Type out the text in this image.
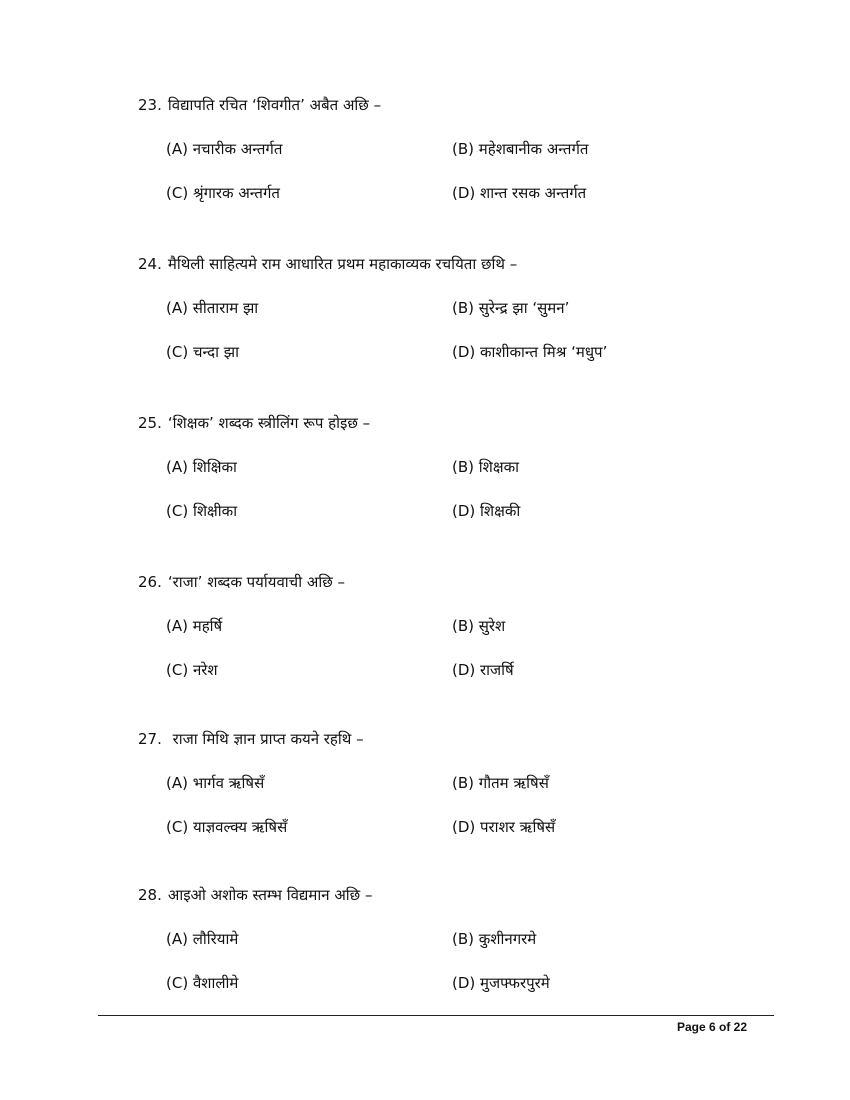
23. विद्यापति रचित ‘शिवगीत’ अबैत अछि –
(A) नचारीक अन्तर्गत	(B) महेशबानीक अन्तर्गत
(C) श्रृंगारक अन्तर्गत	(D) शान्त रसक अन्तर्गत
24. मैथिली साहित्यमे राम आधारित प्रथम महाकाव्यक रचयिता छथि –
(A) सीताराम झा	(B) सुरेन्द्र झा ‘सुमन’
(C) चन्दा झा	(D) काशीकान्त मिश्र ‘मधुप’
25. ‘शिक्षक’ शब्दक स्त्रीलिंग रूप होइछ –
(A) शिक्षिका	(B) शिक्षका
(C) शिक्षीका	(D) शिक्षकी
26. ‘राजा’ शब्दक पर्यायवाची अछि –
(A) महर्षि	(B) सुरेश
(C) नरेश	(D) राजर्षि
27. राजा मिथि ज्ञान प्राप्त कयने रहथि –
(A) भार्गव ऋषिसँ	(B) गौतम ऋषिसँ
(C) याज्ञवल्क्य ऋषिसँ	(D) पराशर ऋषिसँ
28. आइओ अशोक स्तम्भ विद्यमान अछि –
(A) लौरियामे	(B) कुशीनगरमे
(C) वैशालीमे	(D) मुजफ्फरपुरमे
Page 6 of 22
